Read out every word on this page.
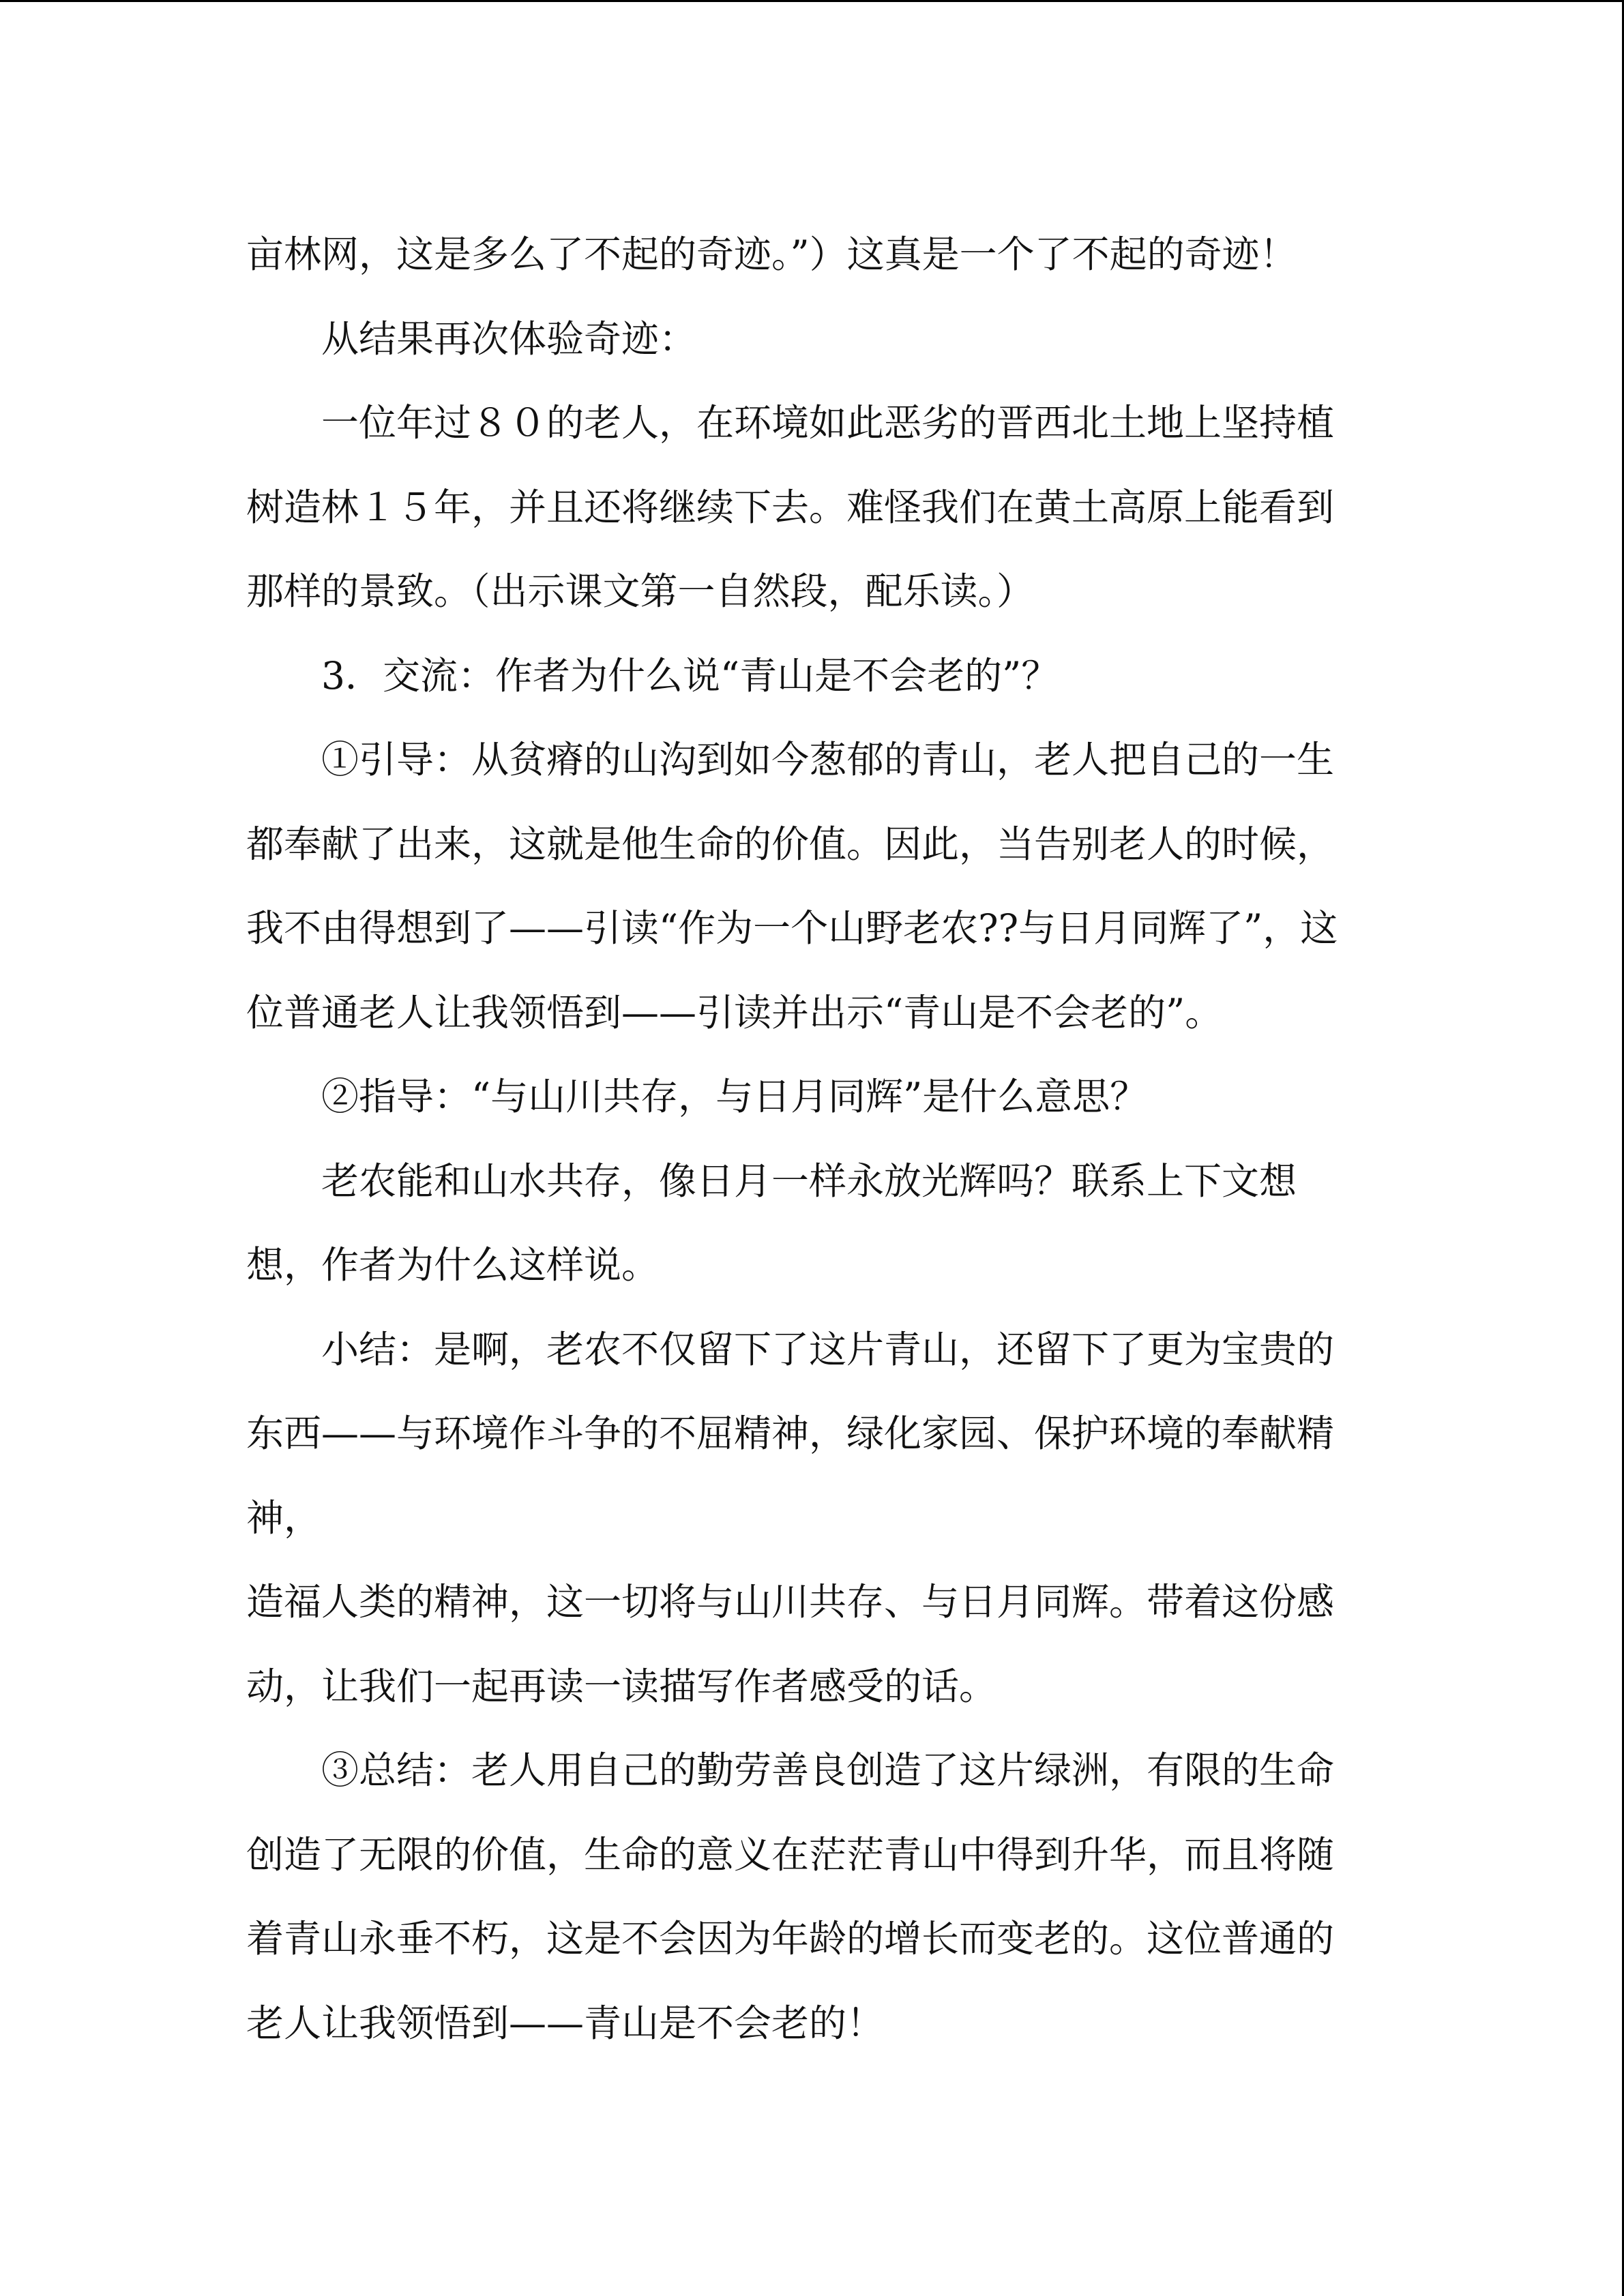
亩林网，这是多么了不起的奇迹。”）这真是一个了不起的奇迹！
从结果再次体验奇迹：
一位年过８０的老人，在环境如此恶劣的晋西北土地上坚持植
树造林１５年，并且还将继续下去。难怪我们在黄土高原上能看到
那样的景致。（出示课文第一自然段，配乐读。）
3．交流：作者为什么说“青山是不会老的”？
①引导：从贫瘠的山沟到如今葱郁的青山，老人把自己的一生
都奉献了出来，这就是他生命的价值。因此，当告别老人的时候，
我不由得想到了——引读“作为一个山野老农??与日月同辉了”，这
位普通老人让我领悟到——引读并出示“青山是不会老的”。
②指导：“与山川共存，与日月同辉”是什么意思？
老农能和山水共存，像日月一样永放光辉吗？联系上下文想
想，作者为什么这样说。
小结：是啊，老农不仅留下了这片青山，还留下了更为宝贵的
东西——与环境作斗争的不屈精神，绿化家园、保护环境的奉献精
神，
造福人类的精神，这一切将与山川共存、与日月同辉。带着这份感
动，让我们一起再读一读描写作者感受的话。
③总结：老人用自己的勤劳善良创造了这片绿洲，有限的生命
创造了无限的价值，生命的意义在茫茫青山中得到升华，而且将随
着青山永垂不朽，这是不会因为年龄的增长而变老的。这位普通的
老人让我领悟到——青山是不会老的！
